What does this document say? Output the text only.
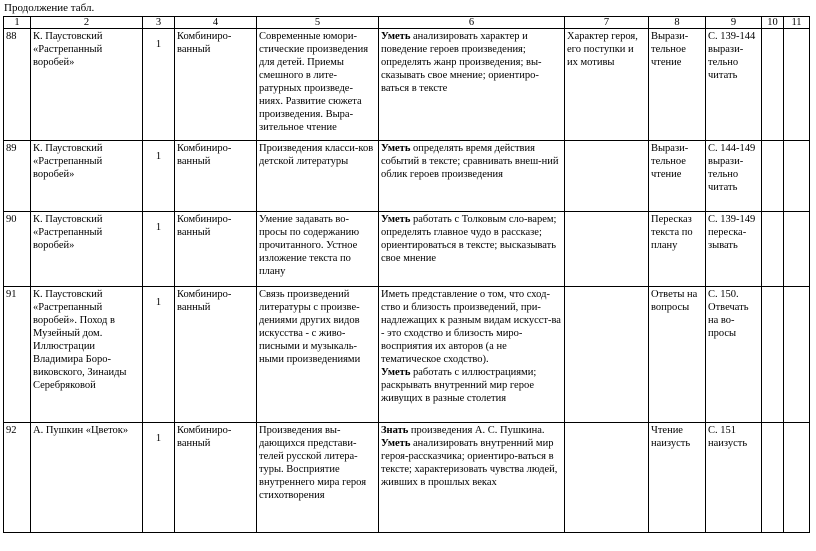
Продолжение табл.
1	2	3	4	5	6	7	8	9	10	11
88	К. Паустовский «Растрепанный воробей»	1	Комбиниро-ванный	Современные юмори-стические произведения для детей. Приемы смешного в лите-ратурных произведе-ниях. Развитие сюжета произведения. Выра-зительное чтение	Уметь анализировать характер и поведение героев произведения; определять жанр произведения; вы-сказывать свое мнение; ориентиро-ваться в тексте	Характер героя, его поступки и их мотивы	Вырази-тельное чтение	С. 139-144 вырази-тельно читать		
89	К. Паустовский «Растрепанный воробей»	1	Комбиниро-ванный	Произведения класси-ков детской литературы	Уметь определять время действия событий в тексте; сравнивать внеш-ний облик героев произведения		Вырази-тельное чтение	С. 144-149 вырази-тельно читать		
90	К. Паустовский «Растрепанный воробей»	1	Комбиниро-ванный	Умение задавать во-просы по содержанию прочитанного. Устное изложение текста по плану	Уметь работать с Толковым сло-варем; определять главное чудо в рассказе; ориентироваться в тексте; высказывать свое мнение		Пересказ текста по плану	С. 139-149 переска-зывать		
91	К. Паустовский «Растрепанный воробей». Поход в Музейный дом. Иллюстрации Владимира Боро-виковского, Зинаиды Серебряковой	1	Комбиниро-ванный	Связь произведений литературы с произве-дениями других видов искусства - с живо-писными и музыкаль-ными произведениями	Иметь представление о том, что сход-ство и близость произведений, при-надлежащих к разным видам искусст-ва - это сходство и близость миро-восприятия их авторов (а не тематическое сходство).
Уметь работать с иллюстрациями; раскрывать внутренний мир герое живущих в разные столетия		Ответы на вопросы	С. 150. Отвечать на во-просы		
92	А. Пушкин «Цветок»	1	Комбиниро-ванный	Произведения вы-дающихся представи-телей русской литера-туры. Восприятие внутреннего мира героя стихотворения	Знать произведения А. С. Пушкина.
Уметь анализировать внутренний мир героя-рассказчика; ориентиро-ваться в тексте; характеризовать чувства людей, живших в прошлых веках		Чтение наизусть	С. 151 наизусть		
